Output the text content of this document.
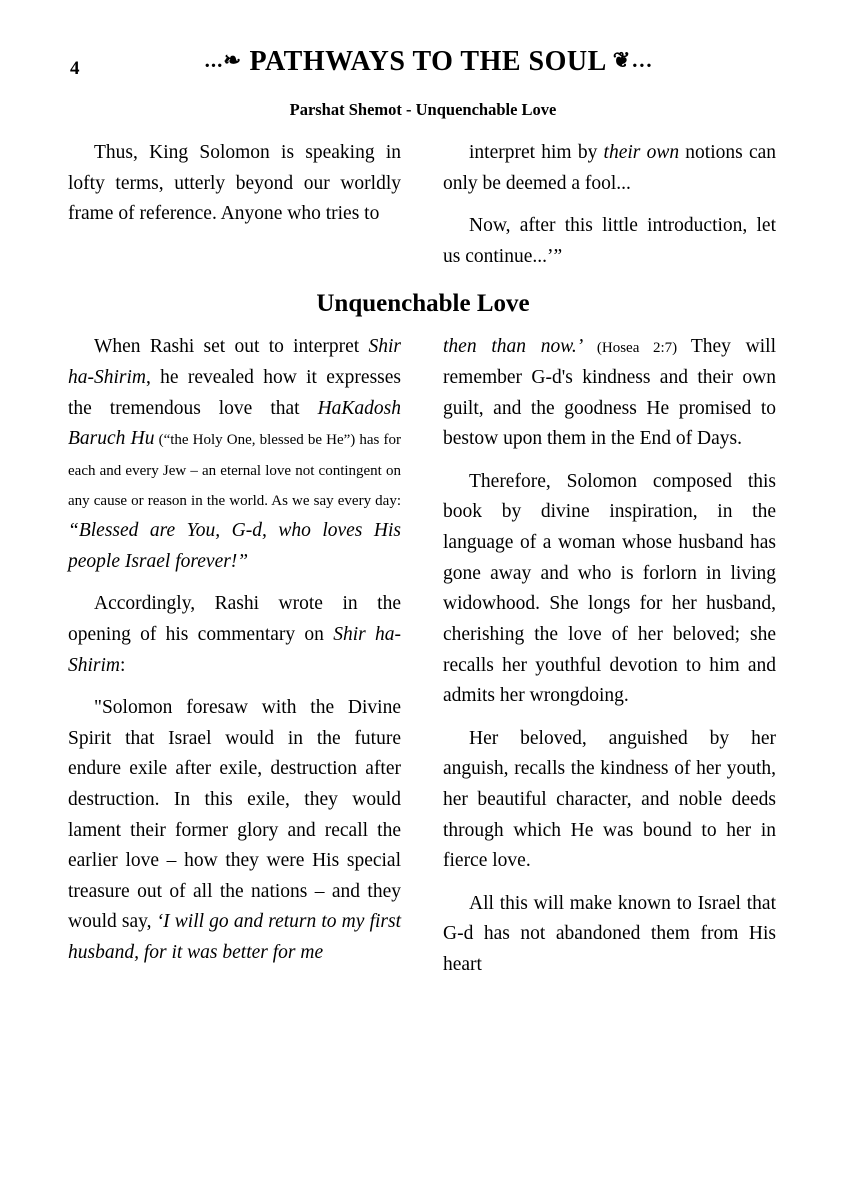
4	...❧ PATHWAYS TO THE SOUL ❦…
Parshat Shemot - Unquenchable Love

Thus, King Solomon is speaking in lofty terms, utterly beyond our worldly frame of reference. Anyone who tries to

interpret him by their own notions can only be deemed a fool...

Now, after this little introduction, let us continue...’”

Unquenchable Love

When Rashi set out to interpret Shir ha-Shirim, he revealed how it expresses the tremendous love that HaKadosh Baruch Hu (“the Holy One, blessed be He”) has for each and every Jew – an eternal love not contingent on any cause or reason in the world. As we say every day: “Blessed are You, G-d, who loves His people Israel forever!”

Accordingly, Rashi wrote in the opening of his commentary on Shir ha-Shirim:

"Solomon foresaw with the Divine Spirit that Israel would in the future endure exile after exile, destruction after destruction. In this exile, they would lament their former glory and recall the earlier love – how they were His special treasure out of all the nations – and they would say, ‘I will go and return to my first husband, for it was better for me

then than now.’ (Hosea 2:7) They will remember G-d's kindness and their own guilt, and the goodness He promised to bestow upon them in the End of Days.

Therefore, Solomon composed this book by divine inspiration, in the language of a woman whose husband has gone away and who is forlorn in living widowhood. She longs for her husband, cherishing the love of her beloved; she recalls her youthful devotion to him and admits her wrongdoing.

Her beloved, anguished by her anguish, recalls the kindness of her youth, her beautiful character, and noble deeds through which He was bound to her in fierce love.

All this will make known to Israel that G-d has not abandoned them from His heart
